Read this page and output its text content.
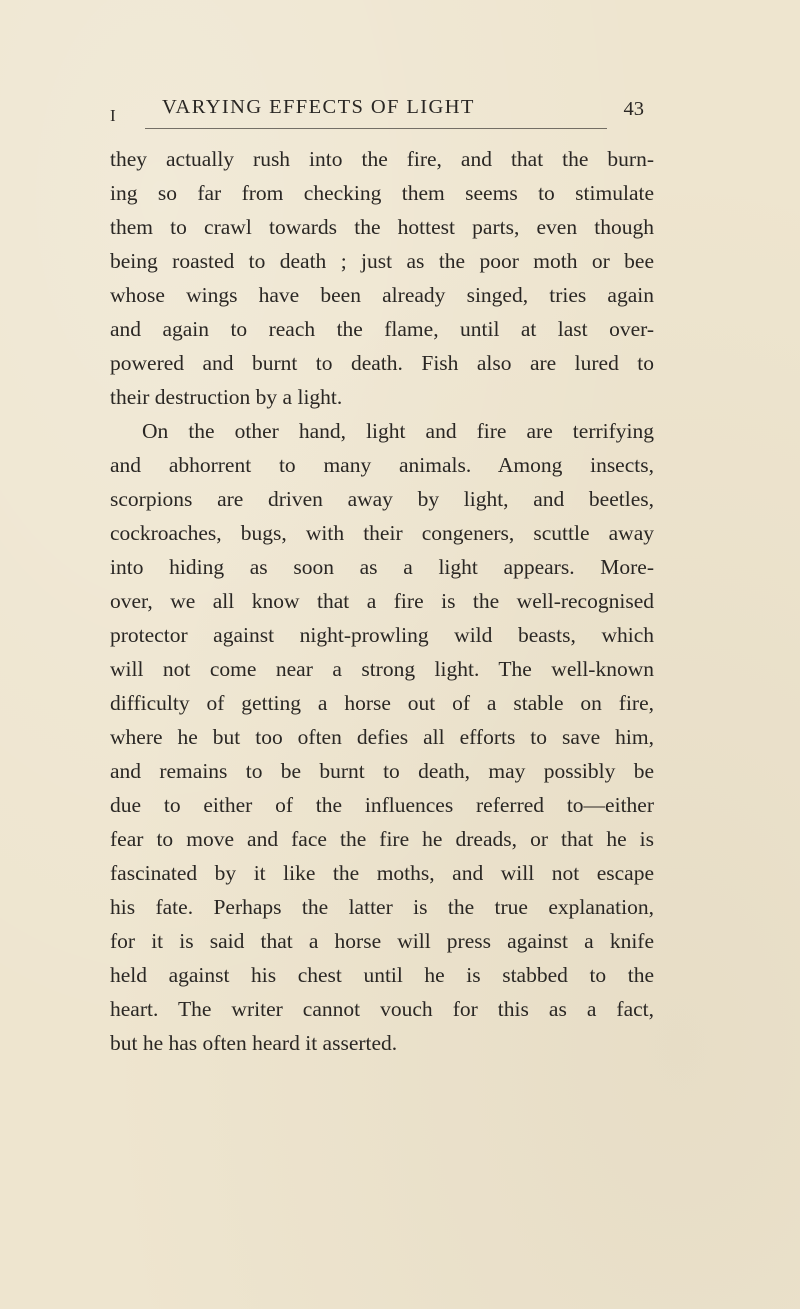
I VARYING EFFECTS OF LIGHT	43
they actually rush into the fire, and that the burn-
ing so far from checking them seems to stimulate
them to crawl towards the hottest parts, even though
being roasted to death ; just as the poor moth or bee
whose wings have been already singed, tries again
and again to reach the flame, until at last over-
powered and burnt to death. Fish also are lured to
their destruction by a light.
On the other hand, light and fire are terrifying
and abhorrent to many animals. Among insects,
scorpions are driven away by light, and beetles,
cockroaches, bugs, with their congeners, scuttle away
into hiding as soon as a light appears. More-
over, we all know that a fire is the well-recognised
protector against night-prowling wild beasts, which
will not come near a strong light. The well-known
difficulty of getting a horse out of a stable on fire,
where he but too often defies all efforts to save him,
and remains to be burnt to death, may possibly be
due to either of the influences referred to—either
fear to move and face the fire he dreads, or that he is
fascinated by it like the moths, and will not escape
his fate. Perhaps the latter is the true explanation,
for it is said that a horse will press against a knife
held against his chest until he is stabbed to the
heart. The writer cannot vouch for this as a fact,
but he has often heard it asserted.
